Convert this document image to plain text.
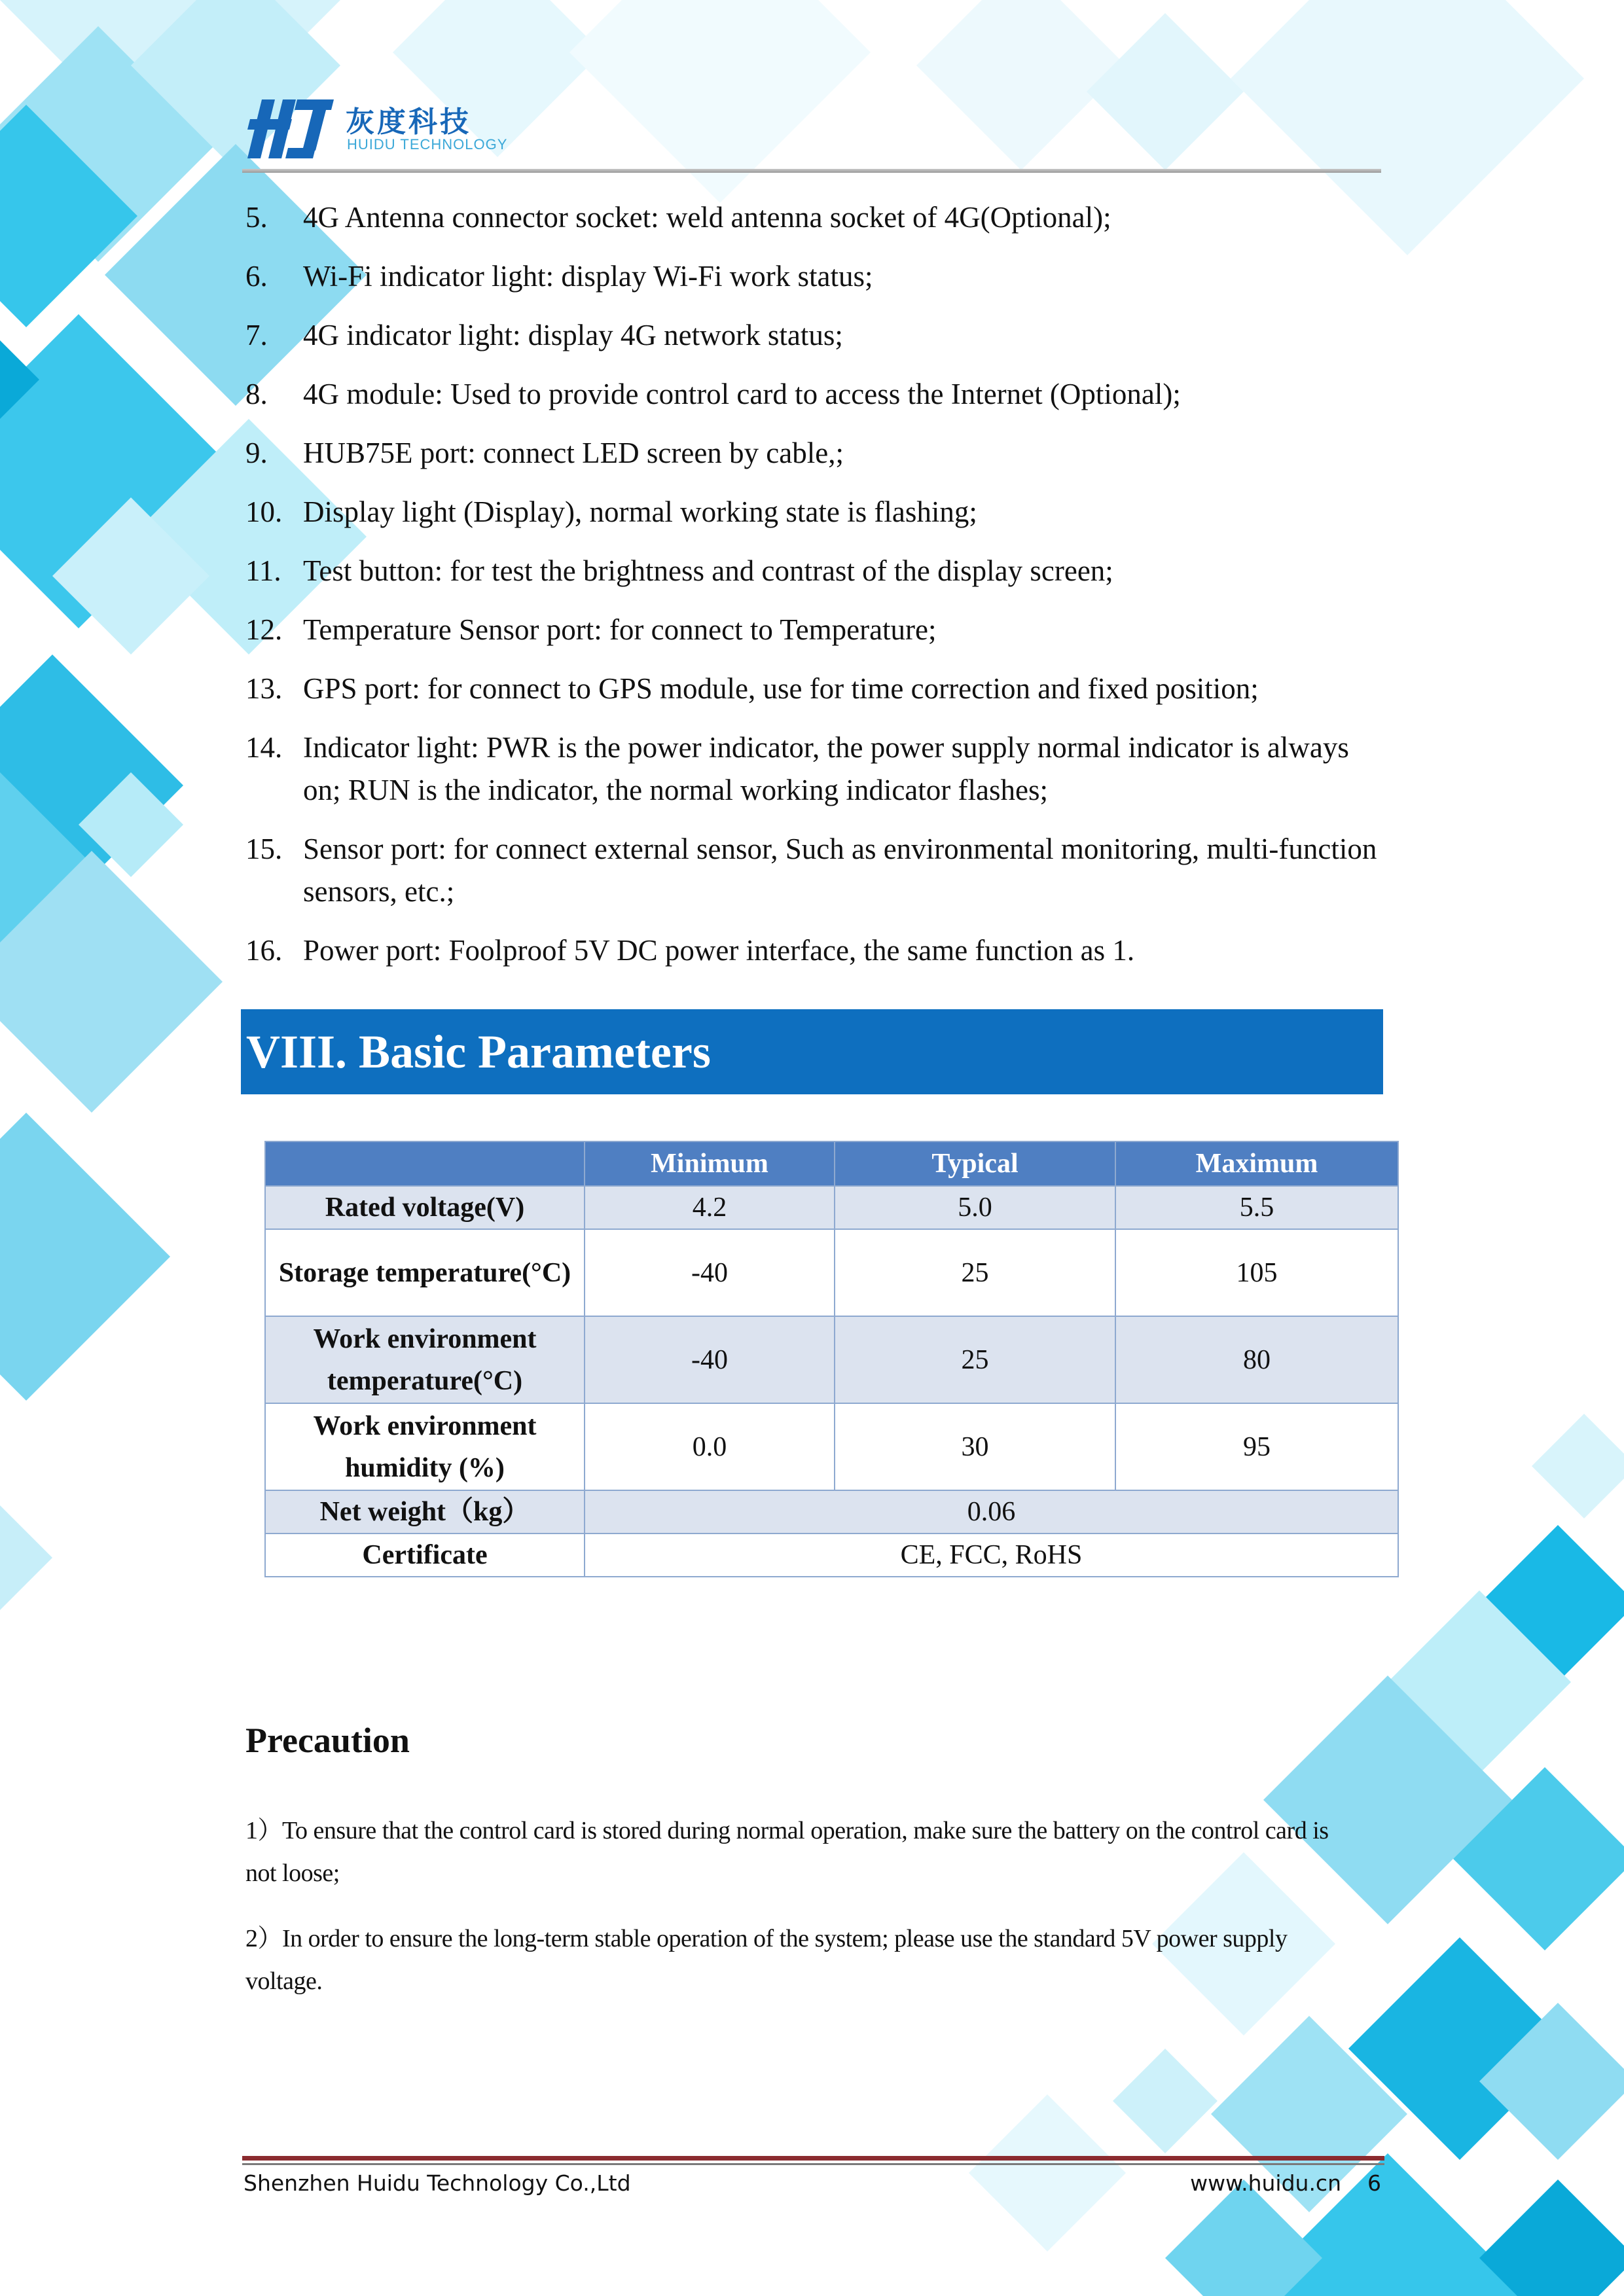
灰度科技
HUIDU TECHNOLOGY
5.	4G Antenna connector socket: weld antenna socket of 4G(Optional);
6.	Wi-Fi indicator light: display Wi-Fi work status;
7.	4G indicator light: display 4G network status;
8.	4G module: Used to provide control card to access the Internet (Optional);
9.	HUB75E port: connect LED screen by cable,;
10. Display light (Display), normal working state is flashing;
11. Test button: for test the brightness and contrast of the display screen;
12. Temperature Sensor port: for connect to Temperature;
13. GPS port: for connect to GPS module, use for time correction and fixed position;
14. Indicator light: PWR is the power indicator, the power supply normal indicator is always on; RUN is the indicator, the normal working indicator flashes;
15. Sensor port: for connect external sensor, Such as environmental monitoring, multi-function sensors, etc.;
16. Power port: Foolproof 5V DC power interface, the same function as 1.
VIII. Basic Parameters
	Minimum	Typical	Maximum
Rated voltage(V)	4.2	5.0	5.5
Storage temperature(°C)	-40	25	105
Work environment temperature(°C)	-40	25	80
Work environment humidity (%)	0.0	30	95
Net weight（kg）	0.06		
Certificate	CE, FCC, RoHS		
Precaution
1）To ensure that the control card is stored during normal operation, make sure the battery on the control card is not loose;
2）In order to ensure the long-term stable operation of the system; please use the standard 5V power supply voltage.
Shenzhen Huidu Technology Co.,Ltd	www.huidu.cn 6
